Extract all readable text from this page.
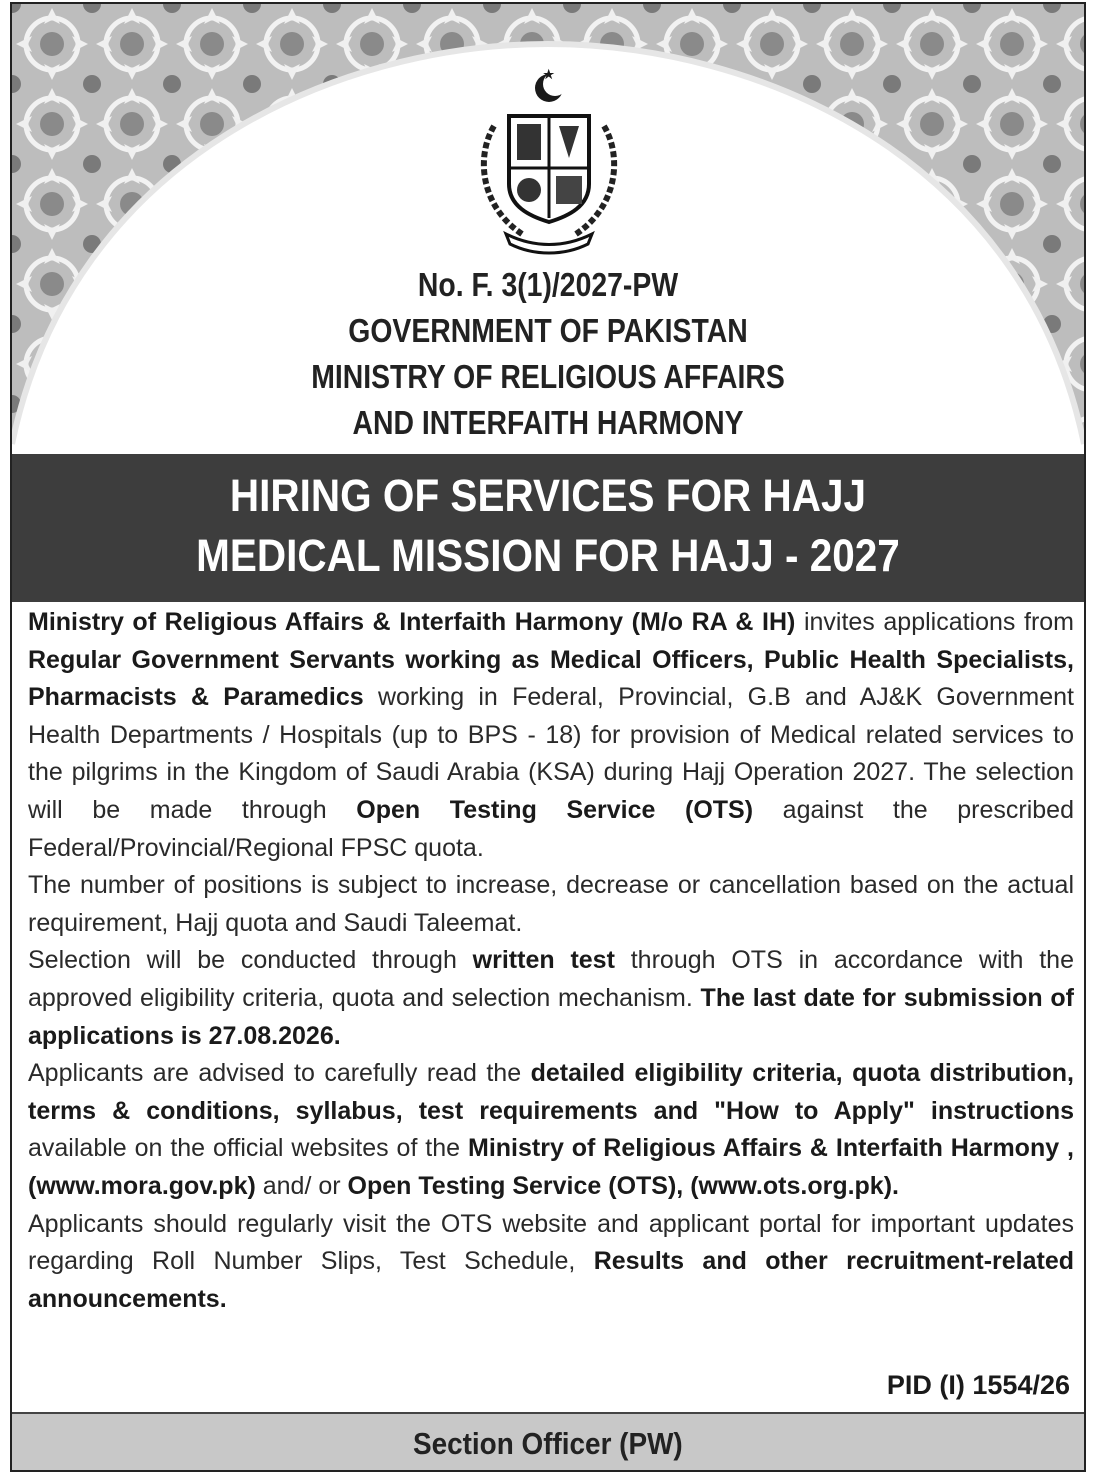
No. F. 3(1)/2027-PW
GOVERNMENT OF PAKISTAN
MINISTRY OF RELIGIOUS AFFAIRS
AND INTERFAITH HARMONY
HIRING OF SERVICES FOR HAJJ
MEDICAL MISSION FOR HAJJ - 2027

Ministry of Religious Affairs & Interfaith Harmony (M/o RA & IH) invites applications from Regular Government Servants working as Medical Officers, Public Health Specialists, Pharmacists & Paramedics working in Federal, Provincial, G.B and AJ&K Government Health Departments / Hospitals (up to BPS - 18) for provision of Medical related services to the pilgrims in the Kingdom of Saudi Arabia (KSA) during Hajj Operation 2027. The selection will be made through Open Testing Service (OTS) against the prescribed Federal/Provincial/Regional FPSC quota.

The number of positions is subject to increase, decrease or cancellation based on the actual requirement, Hajj quota and Saudi Taleemat.

Selection will be conducted through written test through OTS in accordance with the approved eligibility criteria, quota and selection mechanism. The last date for submission of applications is 27.08.2026.

Applicants are advised to carefully read the detailed eligibility criteria, quota distribution, terms & conditions, syllabus, test requirements and "How to Apply" instructions available on the official websites of the Ministry of Religious Affairs & Interfaith Harmony , (www.mora.gov.pk) and/ or Open Testing Service (OTS), (www.ots.org.pk).

Applicants should regularly visit the OTS website and applicant portal for important updates regarding Roll Number Slips, Test Schedule, Results and other recruitment-related announcements.

PID (I) 1554/26
Section Officer (PW)
